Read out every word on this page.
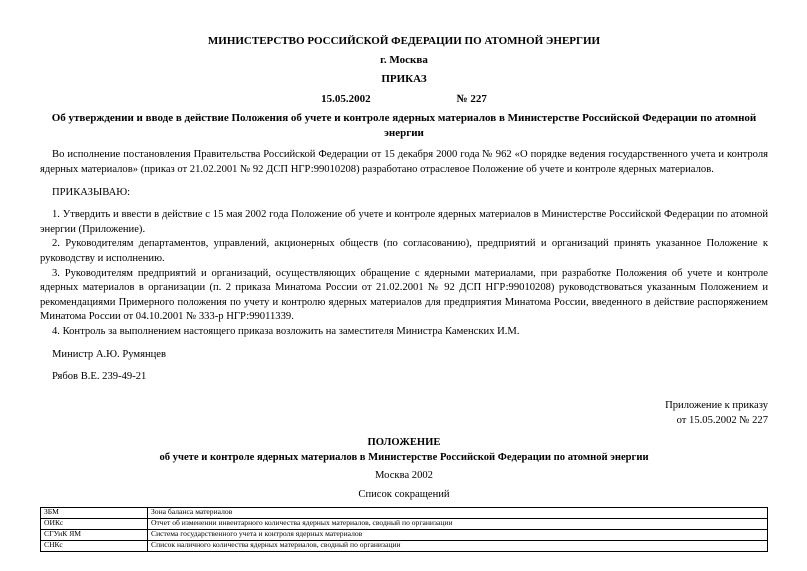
МИНИСТЕРСТВО РОССИЙСКОЙ ФЕДЕРАЦИИ ПО АТОМНОЙ ЭНЕРГИИ
г. Москва
ПРИКАЗ
15.05.2002	№ 227
Об утверждении и вводе в действие Положения об учете и контроле ядерных материалов в Министерстве Российской Федерации по атомной энергии

Во исполнение постановления Правительства Российской Федерации от 15 декабря 2000 года № 962 «О порядке ведения государственного учета и контроля ядерных материалов» (приказ от 21.02.2001 № 92 ДСП НГР:99010208) разработано отраслевое Положение об учете и контроле ядерных материалов.

ПРИКАЗЫВАЮ:

1. Утвердить и ввести в действие с 15 мая 2002 года Положение об учете и контроле ядерных материалов в Министерстве Российской Федерации по атомной энергии (Приложение).

2. Руководителям департаментов, управлений, акционерных обществ (по согласованию), предприятий и организаций принять указанное Положение к руководству и исполнению.

3. Руководителям предприятий и организаций, осуществляющих обращение с ядерными материалами, при разработке Положения об учете и контроле ядерных материалов в организации (п. 2 приказа Минатома России от 21.02.2001 № 92 ДСП НГР:99010208) руководствоваться указанным Положением и рекомендациями Примерного положения по учету и контролю ядерных материалов для предприятия Минатома России, введенного в действие распоряжением Минатома России от 04.10.2001 № 333-р НГР:99011339.

4. Контроль за выполнением настоящего приказа возложить на заместителя Министра Каменских И.М.

Министр А.Ю. Румянцев

Рябов В.Е. 239-49-21

Приложение к приказу
от 15.05.2002 № 227
ПОЛОЖЕНИЕ
об учете и контроле ядерных материалов в Министерстве Российской Федерации по атомной энергии
Москва 2002
Список сокращений
ЗБМ	Зона баланса материалов
ОИКс	Отчет об изменении инвентарного количества ядерных материалов, сводный по организации
СГУиК ЯМ	Система государственного учета и контроля ядерных материалов
СНКс	Список наличного количества ядерных материалов, сводный по организации
